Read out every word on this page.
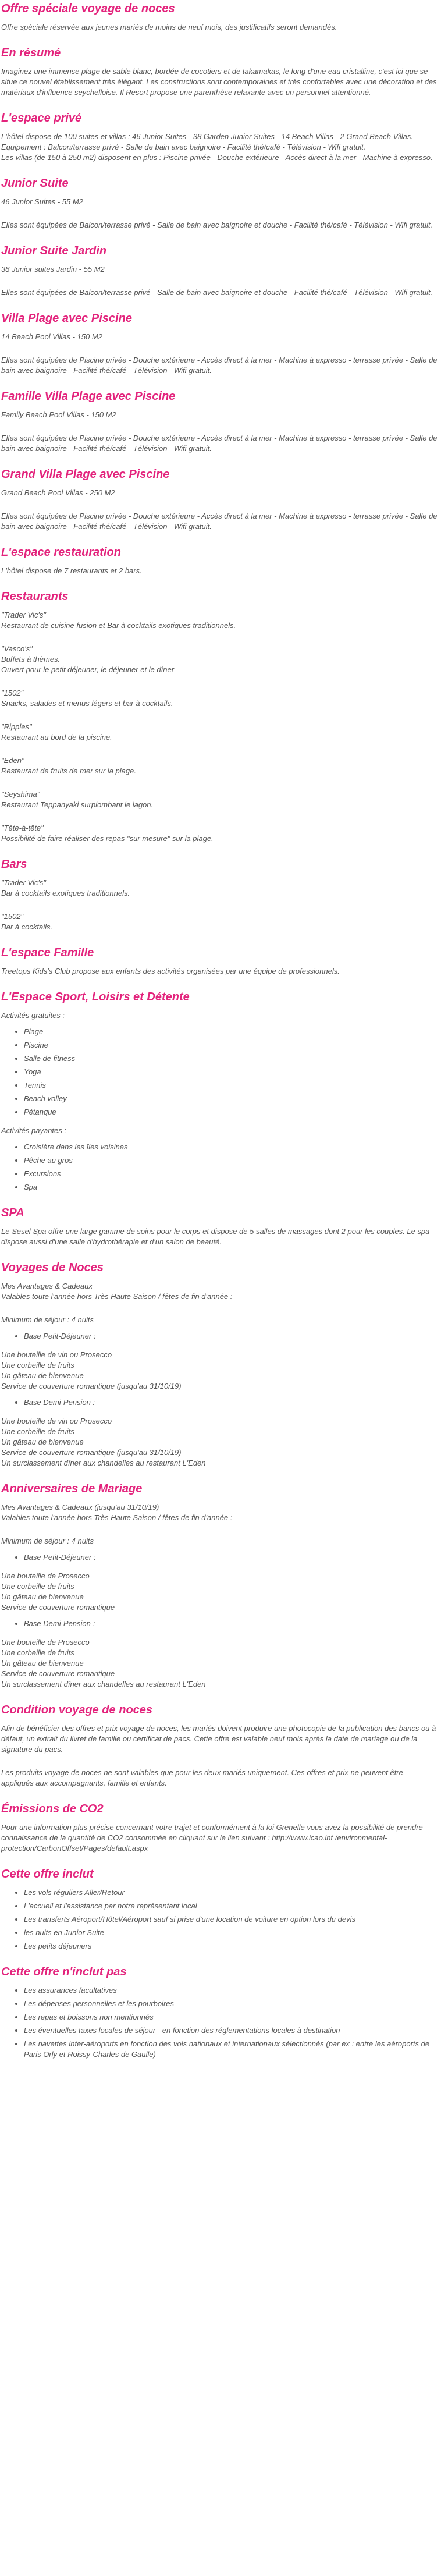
Offre spéciale voyage de noces

Offre spéciale réservée aux jeunes mariés de moins de neuf mois, des justificatifs seront demandés.

En résumé

Imaginez une immense plage de sable blanc, bordée de cocotiers et de takamakas, le long d'une eau cristalline, c'est ici que se situe ce nouvel établissement très élégant. Les constructions sont contemporaines et très confortables avec une décoration et des matériaux d'influence seychelloise. Il Resort propose une parenthèse relaxante avec un personnel attentionné.

L'espace privé

L'hôtel dispose de 100 suites et villas : 46 Junior Suites - 38 Garden Junior Suites - 14 Beach Villas - 2 Grand Beach Villas.
Equipement : Balcon/terrasse privé - Salle de bain avec baignoire - Facilité thé/café - Télévision - Wifi gratuit.
Les villas (de 150 à 250 m2) disposent en plus : Piscine privée - Douche extérieure - Accès direct à la mer - Machine à expresso.

Junior Suite

46 Junior Suites - 55 M2

Elles sont équipées de Balcon/terrasse privé - Salle de bain avec baignoire et douche - Facilité thé/café - Télévision - Wifi gratuit.

Junior Suite Jardin

38 Junior suites Jardin - 55 M2

Elles sont équipées de Balcon/terrasse privé - Salle de bain avec baignoire et douche - Facilité thé/café - Télévision - Wifi gratuit.

Villa Plage avec Piscine

14 Beach Pool Villas - 150 M2

Elles sont équipées de Piscine privée - Douche extérieure - Accès direct à la mer - Machine à expresso - terrasse privée - Salle de bain avec baignoire - Facilité thé/café - Télévision - Wifi gratuit.

Famille Villa Plage avec Piscine

Family Beach Pool Villas - 150 M2

Elles sont équipées de Piscine privée - Douche extérieure - Accès direct à la mer - Machine à expresso - terrasse privée - Salle de bain avec baignoire - Facilité thé/café - Télévision - Wifi gratuit.

Grand Villa Plage avec Piscine

Grand Beach Pool Villas - 250 M2

Elles sont équipées de Piscine privée - Douche extérieure - Accès direct à la mer - Machine à expresso - terrasse privée - Salle de bain avec baignoire - Facilité thé/café - Télévision - Wifi gratuit.

L'espace restauration

L'hôtel dispose de 7 restaurants et 2 bars.

Restaurants

"Trader Vic's"
Restaurant de cuisine fusion et Bar à cocktails exotiques traditionnels.

"Vasco's"
Buffets à thèmes.
Ouvert pour le petit déjeuner, le déjeuner et le dîner

"1502"
Snacks, salades et menus légers et bar à cocktails.

"Ripples"
Restaurant au bord de la piscine.

"Eden"
Restaurant de fruits de mer sur la plage.

"Seyshima"
Restaurant Teppanyaki surplombant le lagon.

"Tête-à-tête"
Possibilité de faire réaliser des repas "sur mesure" sur la plage.

Bars

"Trader Vic's"
Bar à cocktails exotiques traditionnels.

"1502"
Bar à cocktails.

L'espace Famille

Treetops Kids's Club propose aux enfants des activités organisées par une équipe de professionnels.

L'Espace Sport, Loisirs et Détente

Activités gratuites :

• Plage
• Piscine
• Salle de fitness
• Yoga
• Tennis
• Beach volley
• Pétanque

Activités payantes :

• Croisière dans les îles voisines
• Pêche au gros
• Excursions
• Spa
SPA

Le Sesel Spa offre une large gamme de soins pour le corps et dispose de 5 salles de massages dont 2 pour les couples. Le spa dispose aussi d'une salle d'hydrothérapie et d'un salon de beauté.

Voyages de Noces

Mes Avantages & Cadeaux
Valables toute l'année hors Très Haute Saison / fêtes de fin d'année :

Minimum de séjour : 4 nuits

• Base Petit-Déjeuner :

Une bouteille de vin ou Prosecco
Une corbeille de fruits
Un gâteau de bienvenue
Service de couverture romantique (jusqu'au 31/10/19)

• Base Demi-Pension :

Une bouteille de vin ou Prosecco
Une corbeille de fruits
Un gâteau de bienvenue
Service de couverture romantique (jusqu'au 31/10/19)
Un surclassement dîner aux chandelles au restaurant L'Eden

Anniversaires de Mariage

Mes Avantages & Cadeaux (jusqu'au 31/10/19)
Valables toute l'année hors Très Haute Saison / fêtes de fin d'année :

Minimum de séjour : 4 nuits

• Base Petit-Déjeuner :

Une bouteille de Prosecco
Une corbeille de fruits
Un gâteau de bienvenue
Service de couverture romantique

• Base Demi-Pension :

Une bouteille de Prosecco
Une corbeille de fruits
Un gâteau de bienvenue
Service de couverture romantique
Un surclassement dîner aux chandelles au restaurant L'Eden

Condition voyage de noces

Afin de bénéficier des offres et prix voyage de noces, les mariés doivent produire une photocopie de la publication des bancs ou à défaut, un extrait du livret de famille ou certificat de pacs. Cette offre est valable neuf mois après la date de mariage ou de la signature du pacs.

Les produits voyage de noces ne sont valables que pour les deux mariés uniquement. Ces offres et prix ne peuvent être appliqués aux accompagnants, famille et enfants.

Émissions de CO2

Pour une information plus précise concernant votre trajet et conformément à la loi Grenelle vous avez la possibilité de prendre connaissance de la quantité de CO2 consommée en cliquant sur le lien suivant : http://www.icao.int /environmental-protection/CarbonOffset/Pages/default.aspx

Cette offre inclut
• Les vols réguliers Aller/Retour
• L'accueil et l'assistance par notre représentant local
• Les transferts Aéroport/Hôtel/Aéroport sauf si prise d'une location de voiture en option lors du devis
• les nuits en Junior Suite
• Les petits déjeuners
Cette offre n'inclut pas
• Les assurances facultatives
• Les dépenses personnelles et les pourboires
• Les repas et boissons non mentionnés
• Les éventuelles taxes locales de séjour - en fonction des réglementations locales à destination
• Les navettes inter-aéroports en fonction des vols nationaux et internationaux sélectionnés (par ex : entre les aéroports de Paris Orly et Roissy-Charles de Gaulle)
